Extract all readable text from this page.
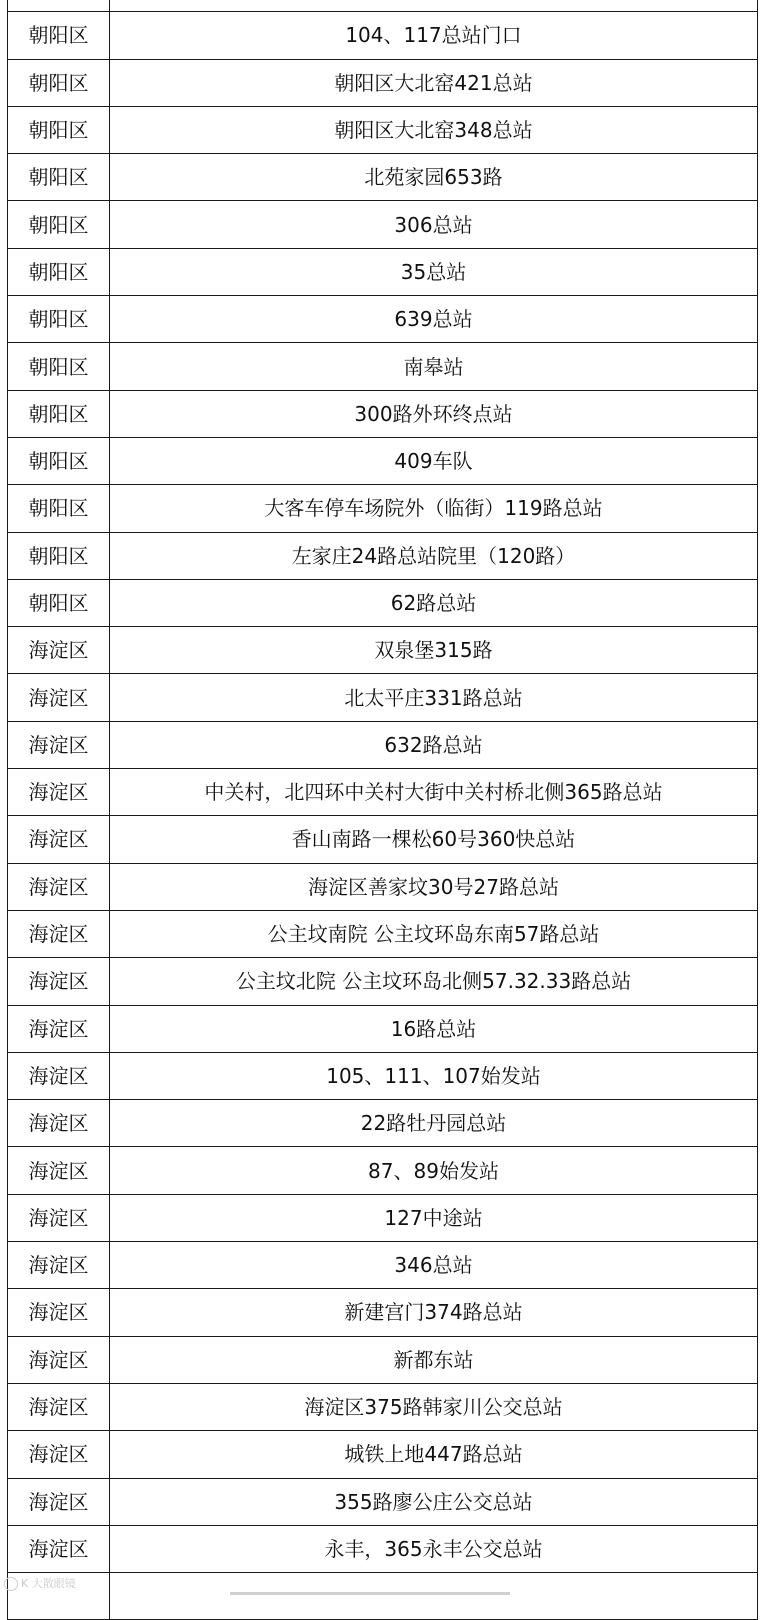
朝阳区	104、117总站门口
朝阳区	朝阳区大北窑421总站
朝阳区	朝阳区大北窑348总站
朝阳区	北苑家园653路
朝阳区	306总站
朝阳区	35总站
朝阳区	639总站
朝阳区	南皋站
朝阳区	300路外环终点站
朝阳区	409车队
朝阳区	大客车停车场院外（临街）119路总站
朝阳区	左家庄24路总站院里（120路）
朝阳区	62路总站
海淀区	双泉堡315路
海淀区	北太平庄331路总站
海淀区	632路总站
海淀区	中关村，北四环中关村大街中关村桥北侧365路总站
海淀区	香山南路一棵松60号360快总站
海淀区	海淀区善家坟30号27路总站
海淀区	公主坟南院 公主坟环岛东南57路总站
海淀区	公主坟北院 公主坟环岛北侧57.32.33路总站
海淀区	16路总站
海淀区	105、111、107始发站
海淀区	22路牡丹园总站
海淀区	87、89始发站
海淀区	127中途站
海淀区	346总站
海淀区	新建宫门374路总站
海淀区	新都东站
海淀区	海淀区375路韩家川公交总站
海淀区	城铁上地447路总站
海淀区	355路廖公庄公交总站
海淀区	永丰，365永丰公交总站

K 大散眼镜
